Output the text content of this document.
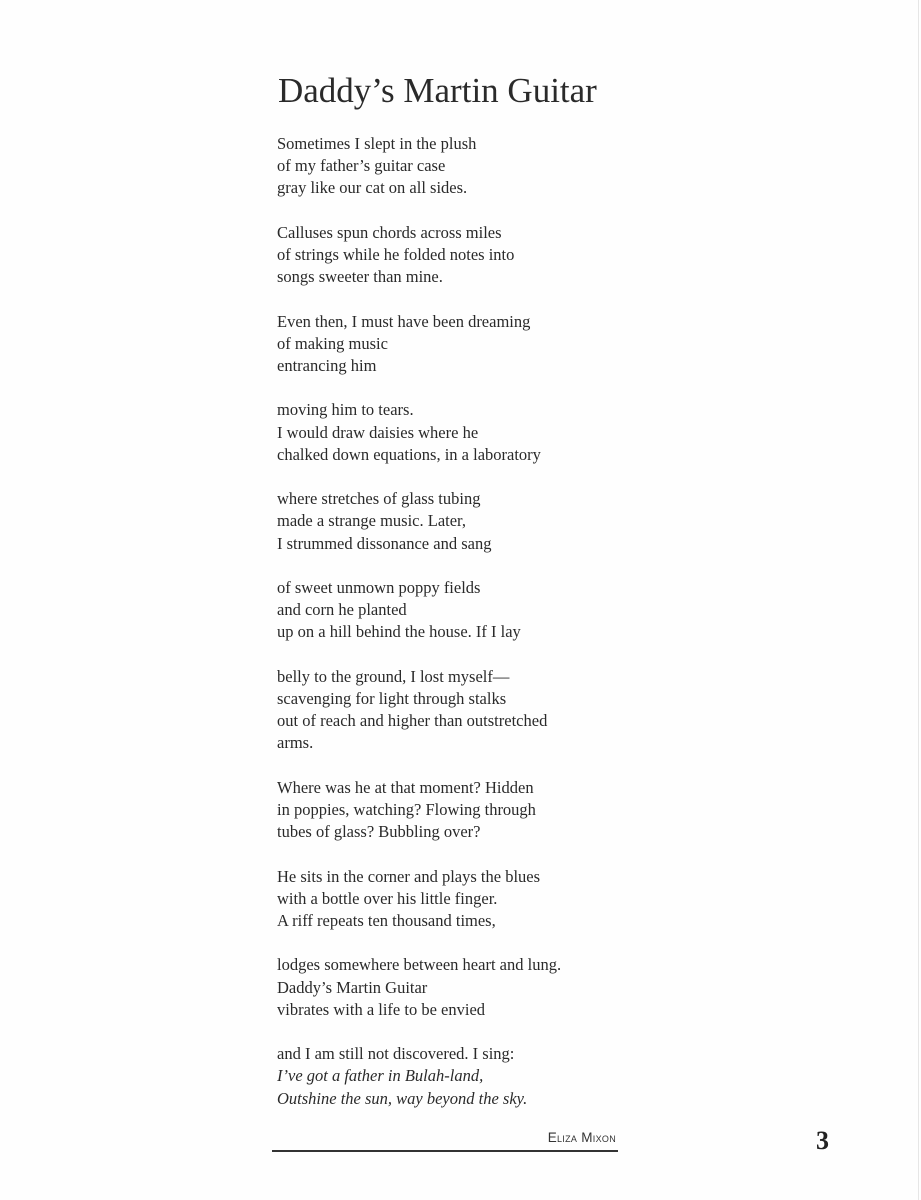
Daddy’s Martin Guitar

Sometimes I slept in the plush
of my father’s guitar case
gray like our cat on all sides.

Calluses spun chords across miles
of strings while he folded notes into
songs sweeter than mine.

Even then, I must have been dreaming
of making music
entrancing him

moving him to tears.
I would draw daisies where he
chalked down equations, in a laboratory

where stretches of glass tubing
made a strange music. Later,
I strummed dissonance and sang

of sweet unmown poppy fields
and corn he planted
up on a hill behind the house. If I lay

belly to the ground, I lost myself—
scavenging for light through stalks
out of reach and higher than outstretched
arms.

Where was he at that moment? Hidden
in poppies, watching? Flowing through
tubes of glass? Bubbling over?

He sits in the corner and plays the blues
with a bottle over his little finger.
A riff repeats ten thousand times,

lodges somewhere between heart and lung.
Daddy’s Martin Guitar
vibrates with a life to be envied

and I am still not discovered. I sing:
I’ve got a father in Bulah-land,
Outshine the sun, way beyond the sky.

Eliza Mixon	3
